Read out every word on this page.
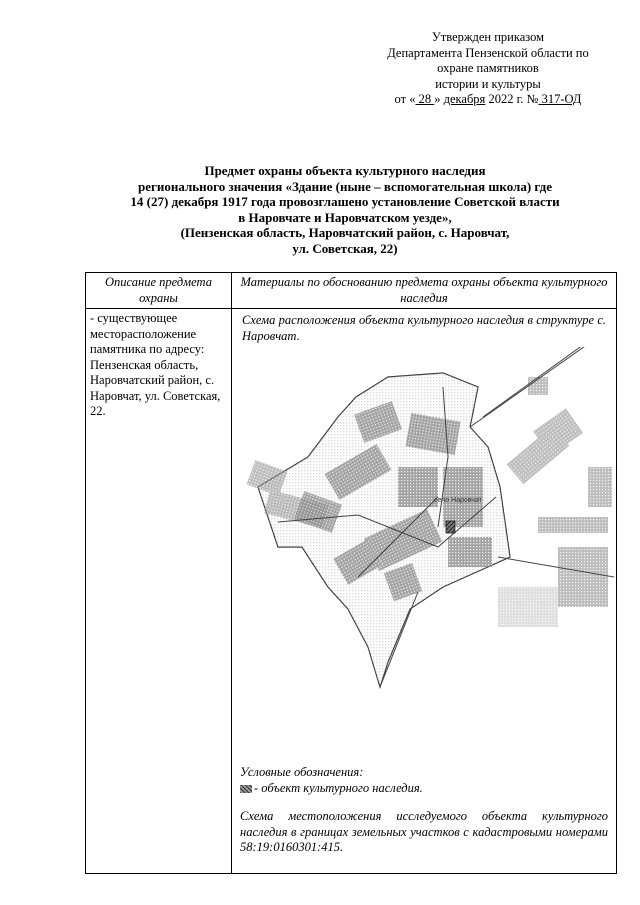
Утвержден приказом
Департамента Пензенской области по
охране памятников
истории и культуры
от « 28 » декабря 2022 г. № 317-ОД
Предмет охраны объекта культурного наследия
регионального значения «Здание (ныне – вспомогательная школа) где
14 (27) декабря 1917 года провозглашено установление Советской власти
в Наровчате и Наровчатском уезде»,
(Пензенская область, Наровчатский район, с. Наровчат,
ул. Советская, 22)
Описание предмета охраны	Материалы по обоснованию предмета охраны объекта культурного наследия
- существующее месторасположение памятника по адресу: Пензенская область, Наровчатский район, с. Наровчат, ул. Советская, 22.	Схема расположения объекта культурного наследия в структуре с. Наровчат.
село Наровчат
Условные обозначения:
- объект культурного наследия.
Схема местоположения исследуемого объекта культурного наследия в границах земельных участков с кадастровыми номерами 58:19:0160301:415.
